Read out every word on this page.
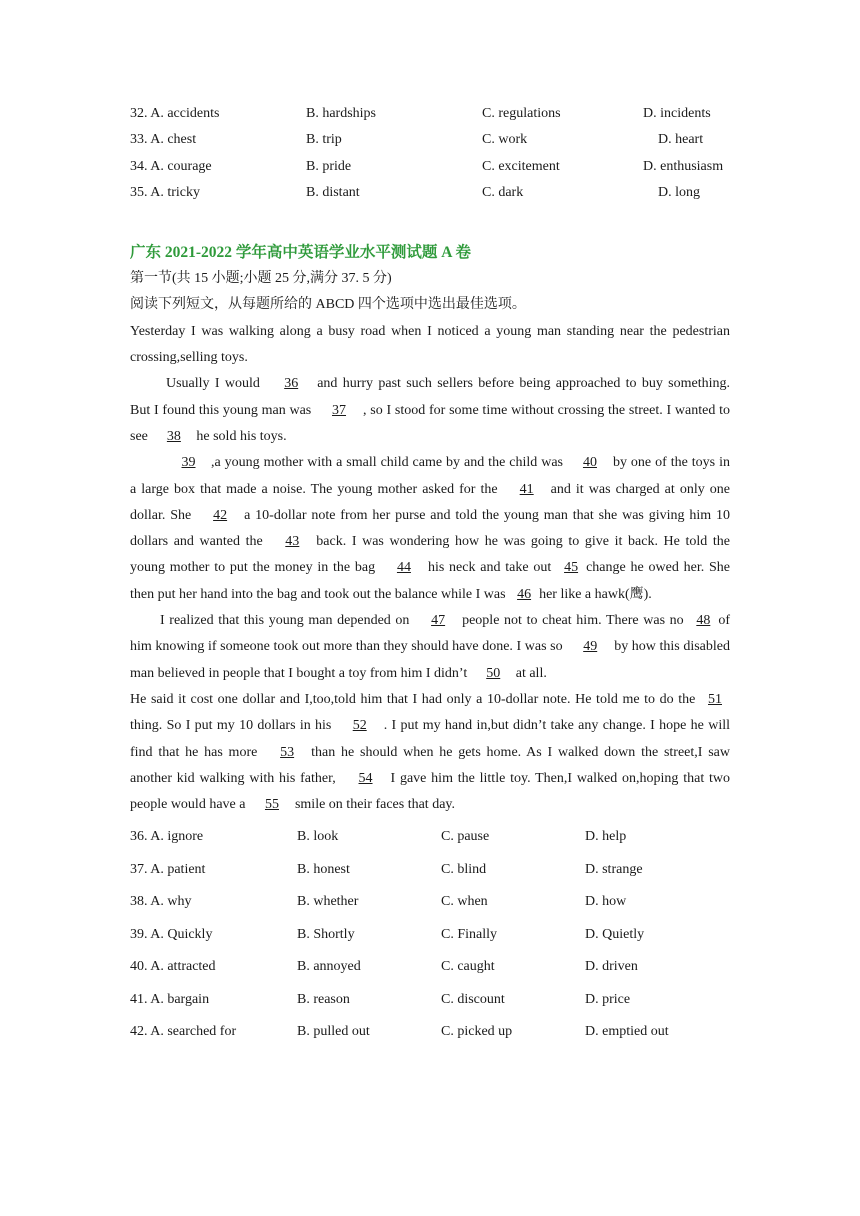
32. A. accidents	B. hardships	C. regulations	D. incidents
33. A. chest	B. trip	C. work	D. heart
34. A. courage	B. pride	C. excitement	D. enthusiasm
35. A. tricky	B. distant	C. dark	D. long
广东 2021-2022 学年高中英语学业水平测试题 A 卷
第一节(共 15 小题;小题 25 分,满分 37. 5 分)
阅读下列短文，从每题所给的 ABCD 四个选项中选出最佳选项。
Yesterday I was walking along a busy road when I noticed a young man standing near the pedestrian crossing,selling toys.
Usually I would 36 and hurry past such sellers before being approached to buy something. But I found this young man was 37 , so I stood for some time without crossing the street. I wanted to see 38 he sold his toys.
39 ,a young mother with a small child came by and the child was 40 by one of the toys in a large box that made a noise. The young mother asked for the 41 and it was charged at only one dollar. She 42 a 10-dollar note from her purse and told the young man that she was giving him 10 dollars and wanted the 43 back. I was wondering how he was going to give it back. He told the young mother to put the money in the bag 44 his neck and take out 45 change he owed her. She then put her hand into the bag and took out the balance while I was 46 her like a hawk(鹰).
I realized that this young man depended on 47 people not to cheat him. There was no 48 of him knowing if someone took out more than they should have done. I was so 49 by how this disabled man believed in people that I bought a toy from him I didn’t 50 at all.
He said it cost one dollar and I,too,told him that I had only a 10-dollar note. He told me to do the 51thing. So I put my 10 dollars in his 52 . I put my hand in,but didn’t take any change. I hope he will find that he has more 53 than he should when he gets home. As I walked down the street,I saw another kid walking with his father, 54 I gave him the little toy. Then,I walked on,hoping that two people would have a 55 smile on their faces that day.
36. A. ignore	B. look	C. pause	D. help
37. A. patient	B. honest	C. blind	D. strange
38. A. why	B. whether	C. when	D. how
39. A. Quickly	B. Shortly	C. Finally	D. Quietly
40. A. attracted	B. annoyed	C. caught	D. driven
41. A. bargain	B. reason	C. discount	D. price
42. A. searched for	B. pulled out	C. picked up	D. emptied out
